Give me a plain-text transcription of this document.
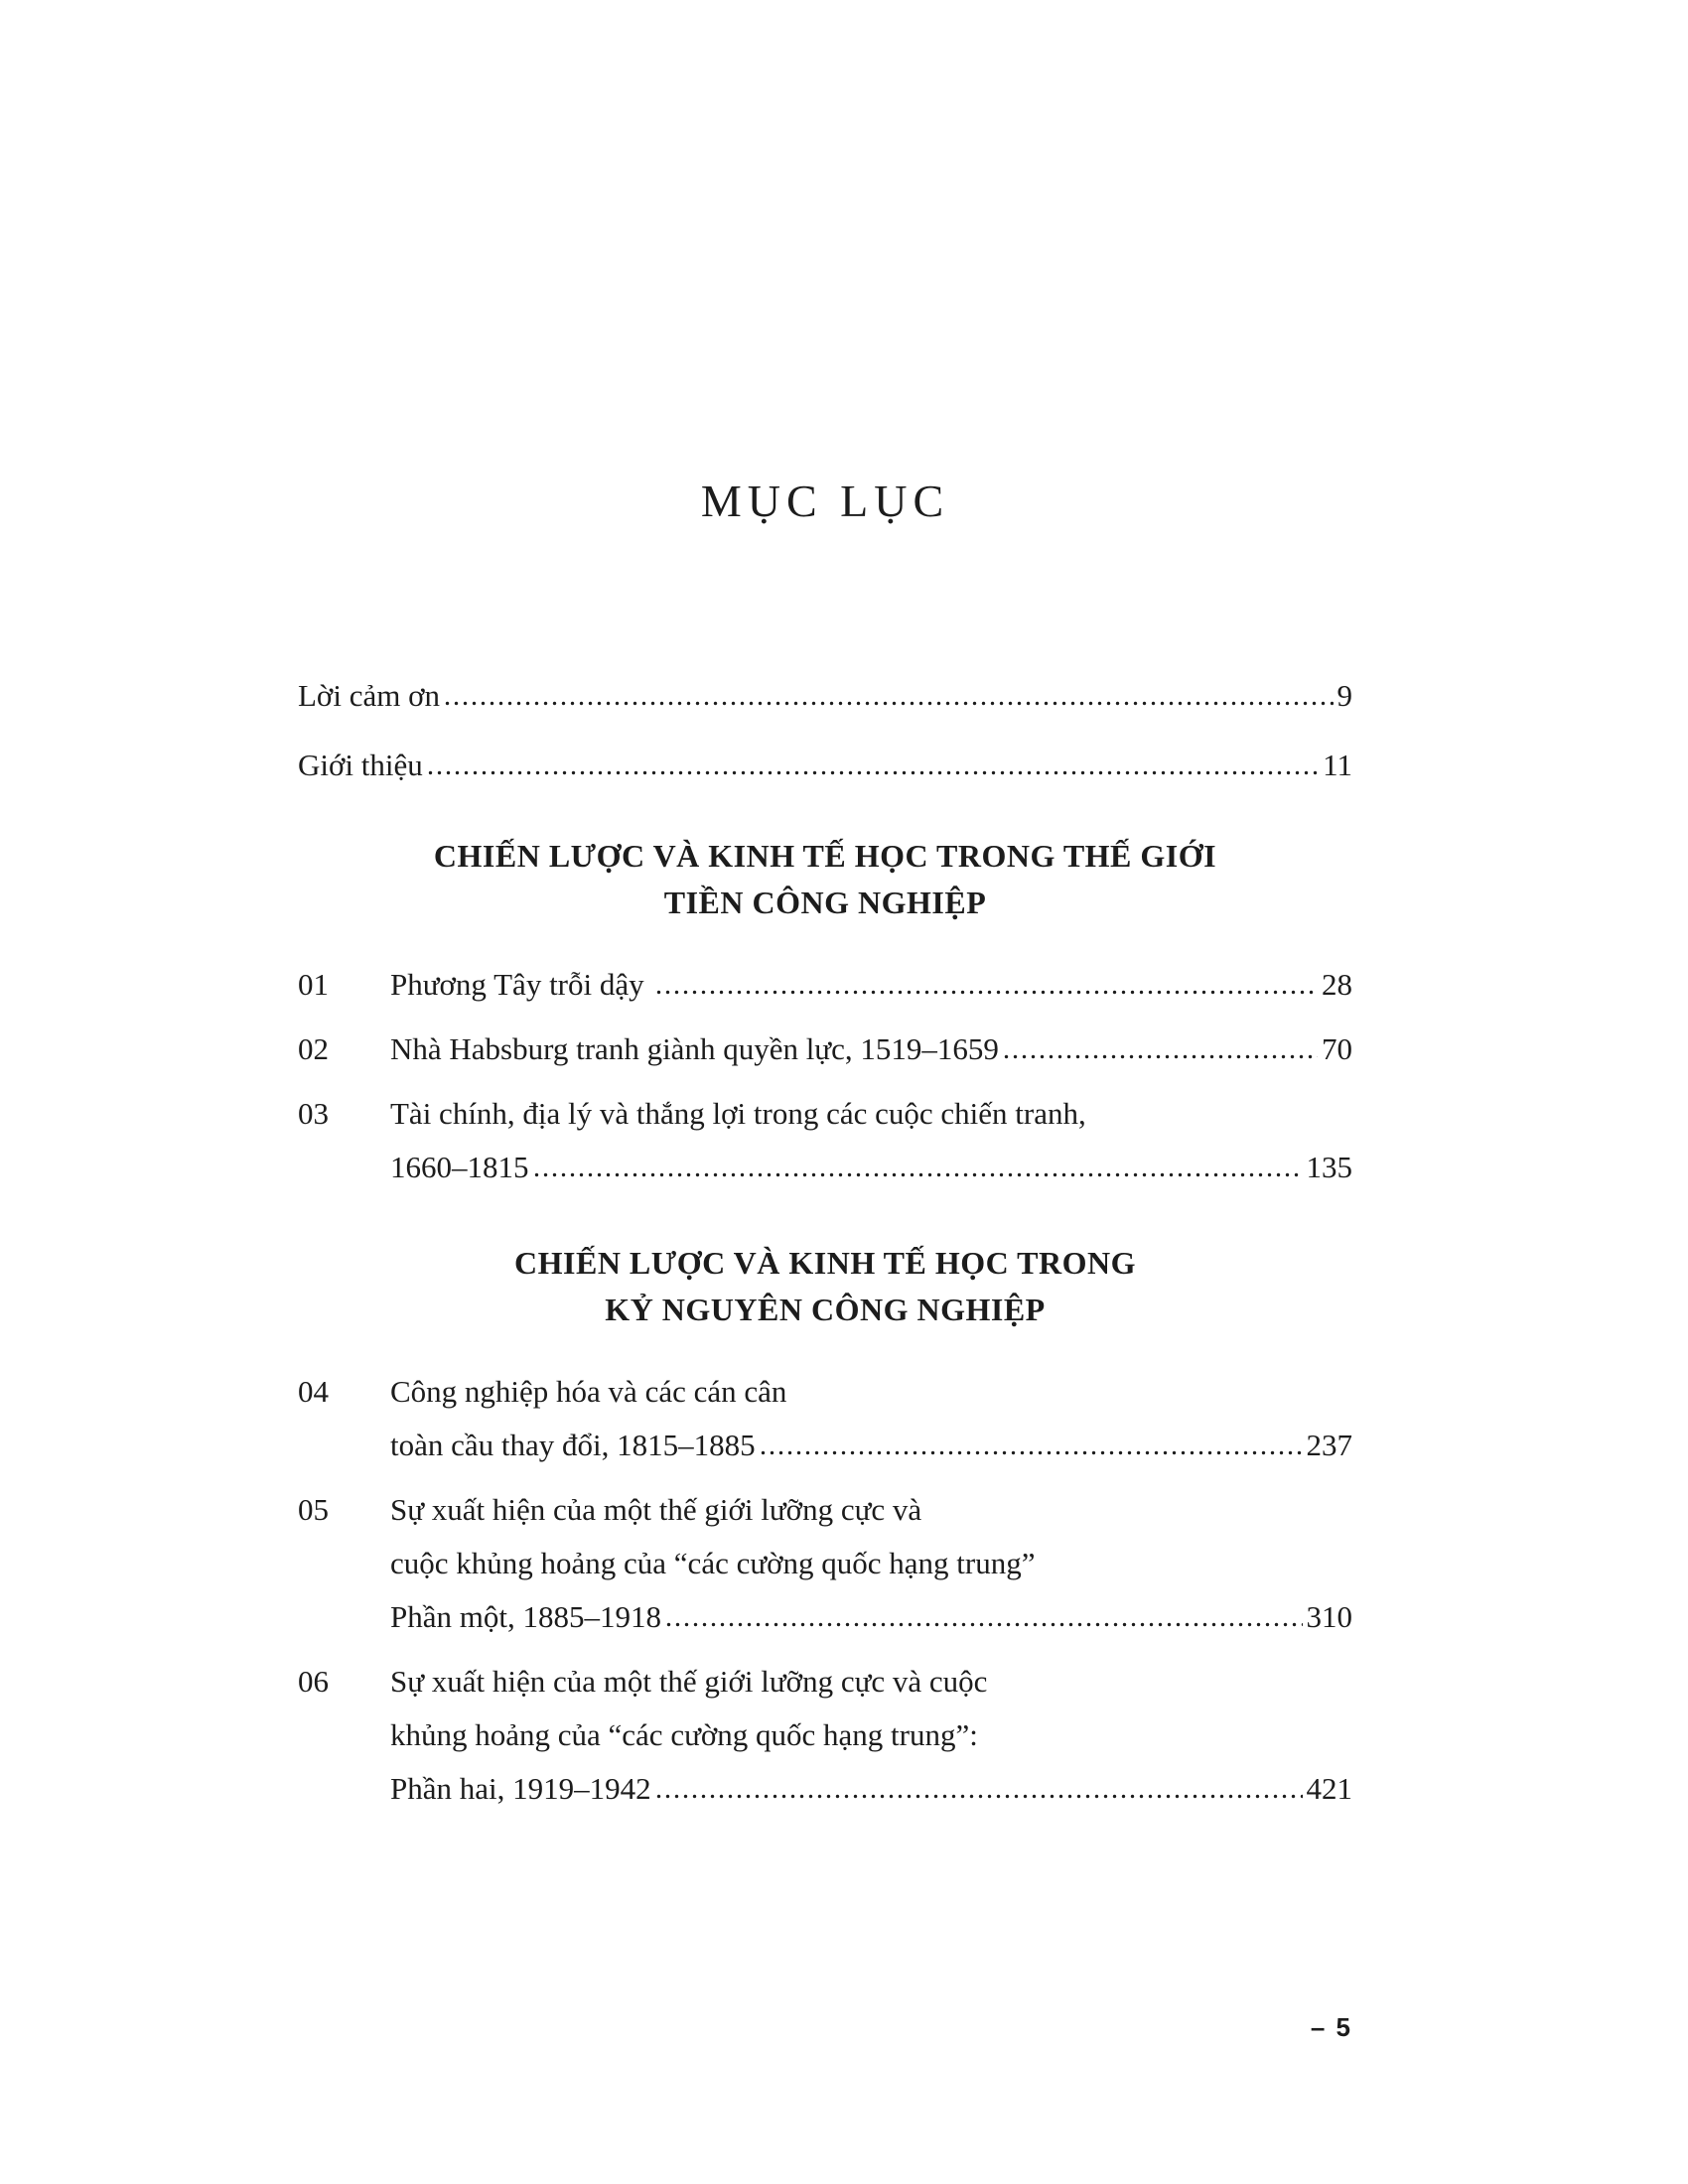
MỤC LỤC
Lời cảm ơn	9
Giới thiệu	11
CHIẾN LƯỢC VÀ KINH TẾ HỌC TRONG THẾ GIỚI
TIỀN CÔNG NGHIỆP
01	Phương Tây trỗi dậy	28
02	Nhà Habsburg tranh giành quyền lực, 1519–1659	70
03	Tài chính, địa lý và thắng lợi trong các cuộc chiến tranh,
1660–1815	135
CHIẾN LƯỢC VÀ KINH TẾ HỌC TRONG
KỶ NGUYÊN CÔNG NGHIỆP
04	Công nghiệp hóa và các cán cân
toàn cầu thay đổi, 1815–1885	237
05	Sự xuất hiện của một thế giới lưỡng cực và
cuộc khủng hoảng của “các cường quốc hạng trung”
Phần một, 1885–1918	310
06	Sự xuất hiện của một thế giới lưỡng cực và cuộc
khủng hoảng của “các cường quốc hạng trung”:
Phần hai, 1919–1942	421
– 5
